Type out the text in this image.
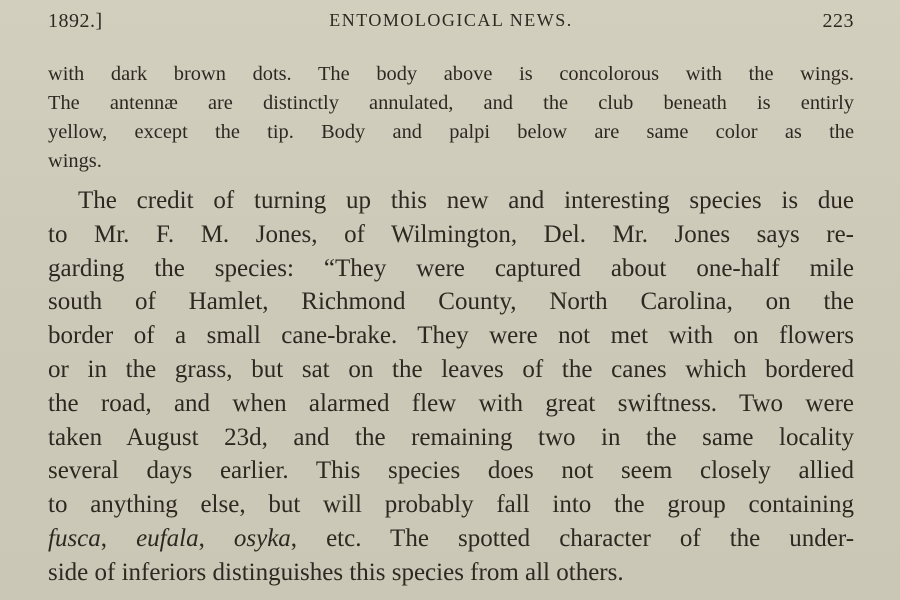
1892.]	ENTOMOLOGICAL NEWS.	223
with dark brown dots. The body above is concolorous with the wings.
The antennæ are distinctly annulated, and the club beneath is entirly
yellow, except the tip. Body and palpi below are same color as the
wings.
The credit of turning up this new and interesting species is due
to Mr. F. M. Jones, of Wilmington, Del. Mr. Jones says re-
garding the species: “They were captured about one-half mile
south of Hamlet, Richmond County, North Carolina, on the
border of a small cane-brake. They were not met with on flowers
or in the grass, but sat on the leaves of the canes which bordered
the road, and when alarmed flew with great swiftness. Two were
taken August 23d, and the remaining two in the same locality
several days earlier. This species does not seem closely allied
to anything else, but will probably fall into the group containing
fusca, eufala, osyka, etc. The spotted character of the under-
side of inferiors distinguishes this species from all others.
